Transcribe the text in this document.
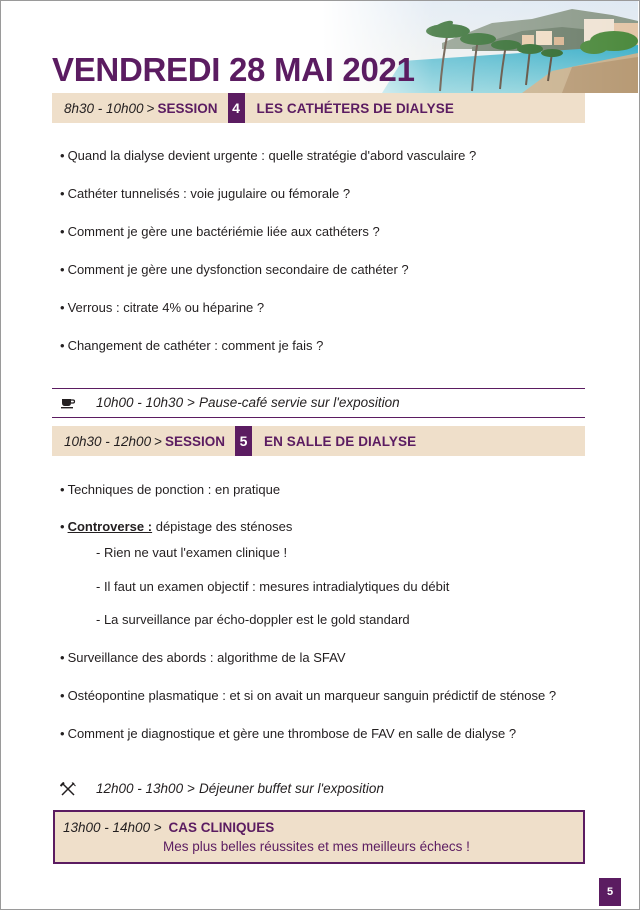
VENDREDI 28 MAI 2021
8h30 - 10h00 > SESSION	4	LES CATHÉTERS DE DIALYSE
• Quand la dialyse devient urgente : quelle stratégie d'abord vasculaire ?
• Cathéter tunnelisés : voie jugulaire ou fémorale ?
• Comment je gère une bactériémie liée aux cathéters ?
• Comment je gère une dysfonction secondaire de cathéter ?
• Verrous : citrate 4% ou héparine ?
• Changement de cathéter : comment je fais ?
10h00 - 10h30 > Pause-café servie sur l'exposition
10h30 - 12h00 > SESSION	5	EN SALLE DE DIALYSE
• Techniques de ponction : en pratique
• Controverse : dépistage des sténoses
- Rien ne vaut l'examen clinique !
- Il faut un examen objectif : mesures intradialytiques du débit
- La surveillance par écho-doppler est le gold standard
• Surveillance des abords : algorithme de la SFAV
• Ostéopontine plasmatique : et si on avait un marqueur sanguin prédictif de sténose ?
• Comment je diagnostique et gère une thrombose de FAV en salle de dialyse ?
12h00 - 13h00 > Déjeuner buffet sur l'exposition
13h00 - 14h00 > CAS CLINIQUES
Mes plus belles réussites et mes meilleurs échecs !
5
